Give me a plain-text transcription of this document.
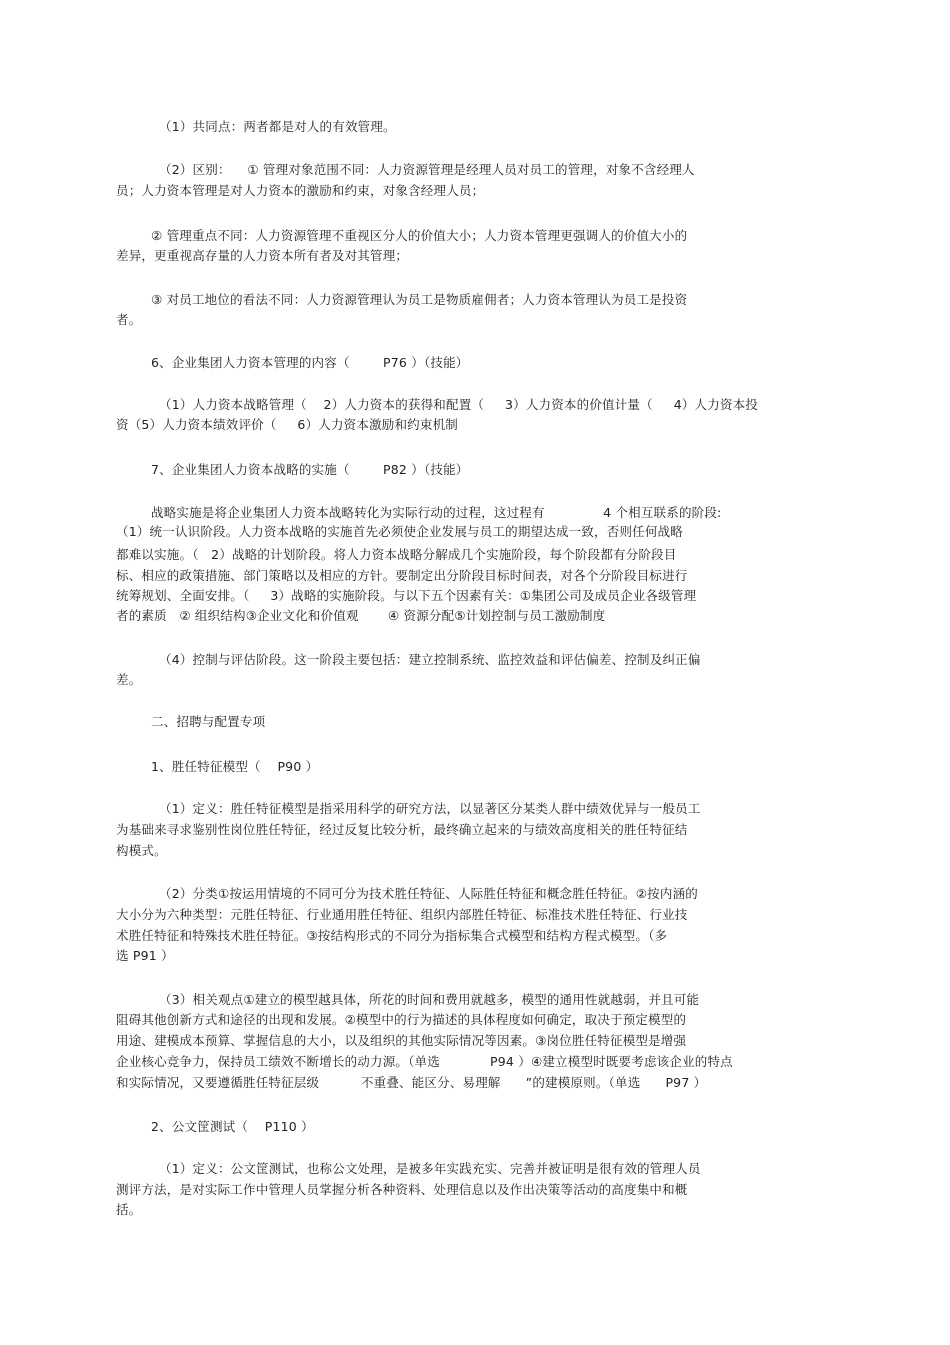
（1）共同点：两者都是对人的有效管理。
（2）区别：    ① 管理对象范围不同：人力资源管理是经理人员对员工的管理，对象不含经理人
员；人力资本管理是对人力资本的激励和约束，对象含经理人员；
② 管理重点不同：人力资源管理不重视区分人的价值大小；人力资本管理更强调人的价值大小的
差异，更重视高存量的人力资本所有者及对其管理；
③ 对员工地位的看法不同：人力资源管理认为员工是物质雇佣者；人力资本管理认为员工是投资
者。
6、企业集团人力资本管理的内容（        P76 ）（技能）
（1）人力资本战略管理（    2）人力资本的获得和配置（     3）人力资本的价值计量（     4）人力资本投
资（5）人力资本绩效评价（     6）人力资本激励和约束机制
7、企业集团人力资本战略的实施（        P82 ）（技能）
战略实施是将企业集团人力资本战略转化为实际行动的过程，这过程有              4 个相互联系的阶段:
（1）统一认识阶段。人力资本战略的实施首先必须使企业发展与员工的期望达成一致，否则任何战略
都难以实施。（   2）战略的计划阶段。将人力资本战略分解成几个实施阶段，每个阶段都有分阶段目
标、相应的政策措施、部门策略以及相应的方针。要制定出分阶段目标时间表，对各个分阶段目标进行
统筹规划、全面安排。（     3）战略的实施阶段。与以下五个因素有关：①集团公司及成员企业各级管理
者的素质   ② 组织结构③企业文化和价值观       ④ 资源分配⑤计划控制与员工激励制度
（4）控制与评估阶段。这一阶段主要包括：建立控制系统、监控效益和评估偏差、控制及纠正偏
差。
二、招聘与配置专项
1、胜任特征模型（    P90 ）
（1）定义：胜任特征模型是指采用科学的研究方法，以显著区分某类人群中绩效优异与一般员工
为基础来寻求鉴别性岗位胜任特征，经过反复比较分析，最终确立起来的与绩效高度相关的胜任特征结
构模式。
（2）分类①按运用情境的不同可分为技术胜任特征、人际胜任特征和概念胜任特征。②按内涵的
大小分为六种类型：元胜任特征、行业通用胜任特征、组织内部胜任特征、标准技术胜任特征、行业技
术胜任特征和特殊技术胜任特征。③按结构形式的不同分为指标集合式模型和结构方程式模型。（多
选 P91 ）
（3）相关观点①建立的模型越具体，所花的时间和费用就越多，模型的通用性就越弱，并且可能
阻碍其他创新方式和途径的出现和发展。②模型中的行为描述的具体程度如何确定，取决于预定模型的
用途、建模成本预算、掌握信息的大小，以及组织的其他实际情况等因素。③岗位胜任特征模型是增强
企业核心竞争力，保持员工绩效不断增长的动力源。（单选            P94 ）④建立模型时既要考虑该企业的特点
和实际情况，又要遵循胜任特征层级          不重叠、能区分、易理解      ”的建模原则。（单选      P97 ）
2、公文筐测试（    P110 ）
（1）定义：公文筐测试，也称公文处理，是被多年实践充实、完善并被证明是很有效的管理人员
测评方法，是对实际工作中管理人员掌握分析各种资料、处理信息以及作出决策等活动的高度集中和概
括。
